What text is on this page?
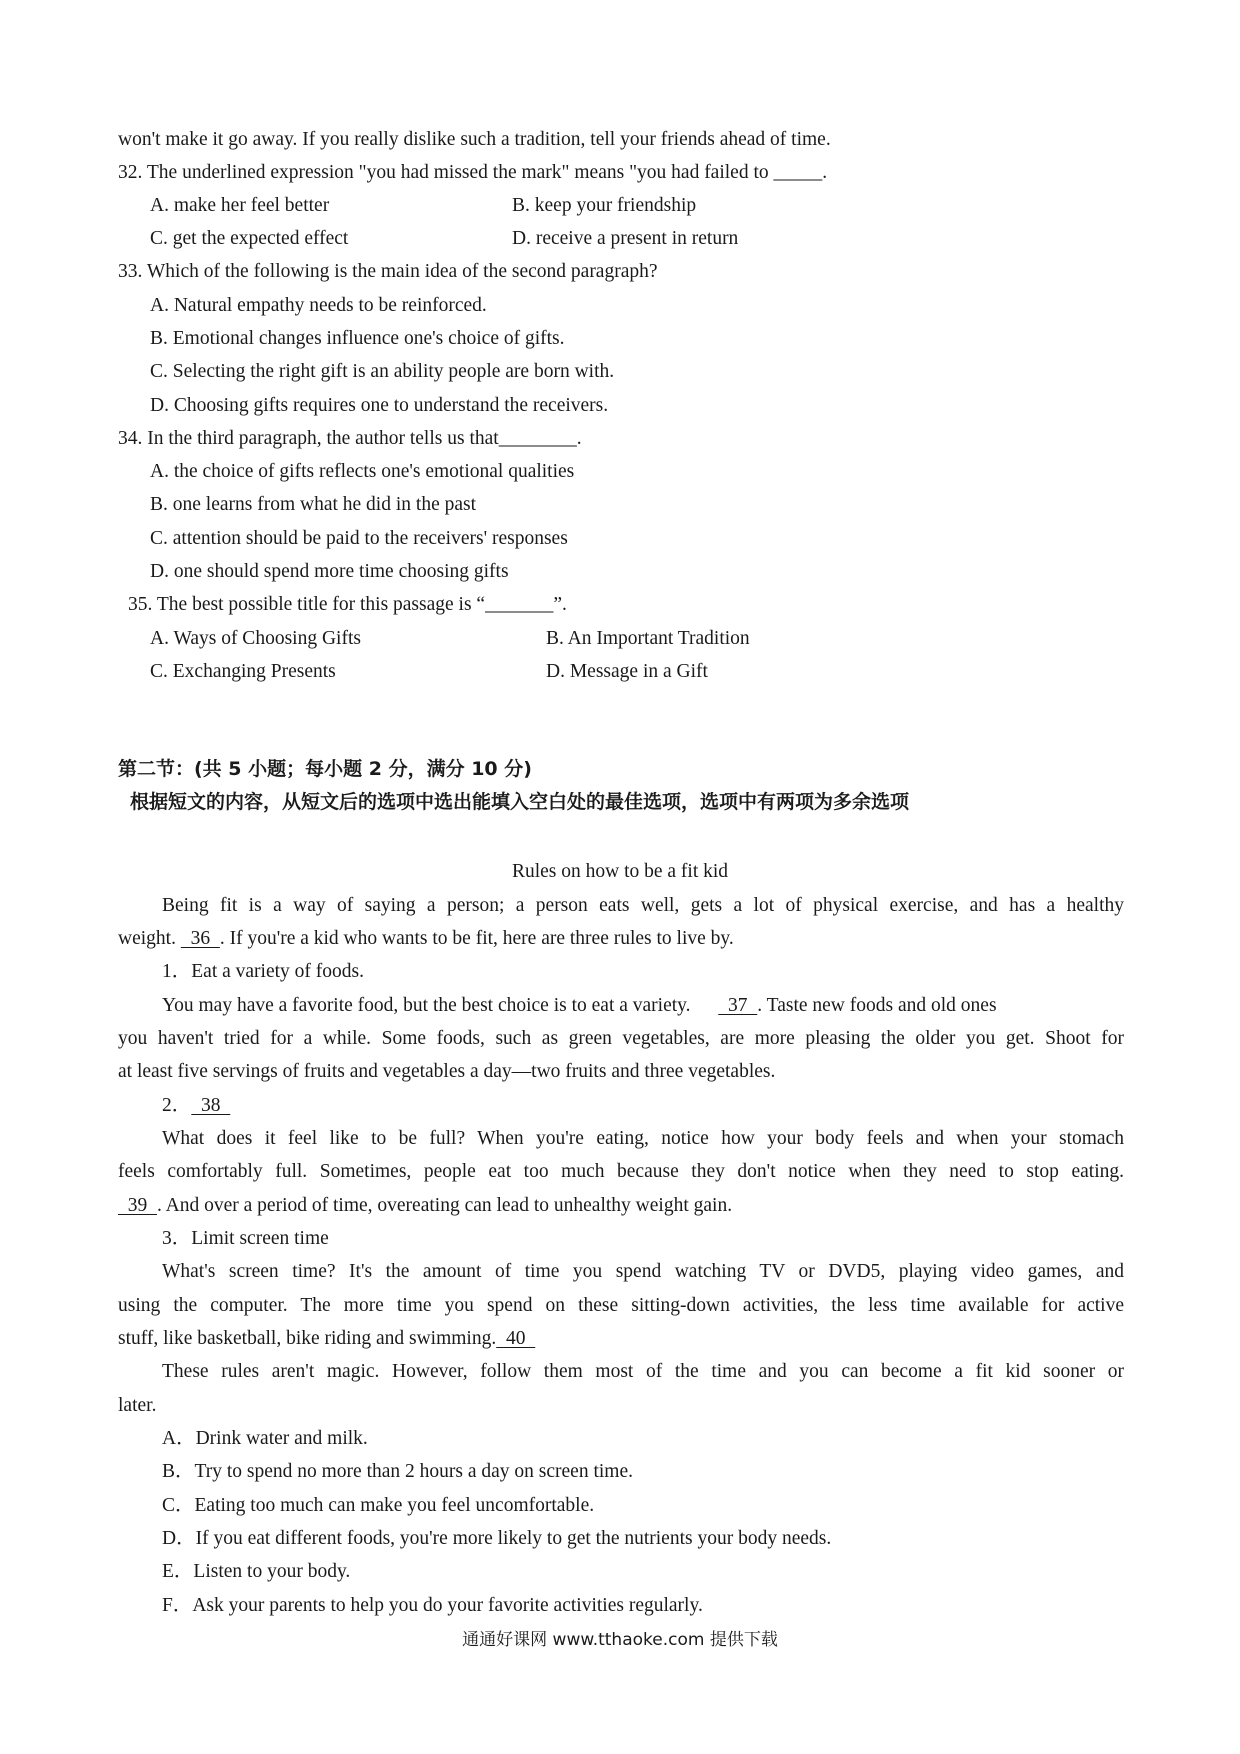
won't make it go away. If you really dislike such a tradition, tell your friends ahead of time.
32. The underlined expression "you had missed the mark" means "you had failed to _____.
A. make her feel better	B. keep your friendship
C. get the expected effect	D. receive a present in return
33. Which of the following is the main idea of the second paragraph?
A. Natural empathy needs to be reinforced.
B. Emotional changes influence one's choice of gifts.
C. Selecting the right gift is an ability people are born with.
D. Choosing gifts requires one to understand the receivers.
34. In the third paragraph, the author tells us that________.
A. the choice of gifts reflects one's emotional qualities
B. one learns from what he did in the past
C. attention should be paid to the receivers' responses
D. one should spend more time choosing gifts
35. The best possible title for this passage is “_______”.
A. Ways of Choosing Gifts	B. An Important Tradition
C. Exchanging Presents	D. Message in a Gift
第二节：(共 5 小题；每小题 2 分，满分 10 分)
根据短文的内容，从短文后的选项中选出能填入空白处的最佳选项，选项中有两项为多余选项
Rules on how to be a fit kid
Being fit is a way of saying a person; a person eats well, gets a lot of physical exercise, and has a healthy
weight.   36  . If you're a kid who wants to be fit, here are three rules to live by.
1．Eat a variety of foods.
You may have a favorite food, but the best choice is to eat a variety.    37  . Taste new foods and old ones
you haven't tried for a while. Some foods, such as green vegetables, are more pleasing the older you get. Shoot for
at least five servings of fruits and vegetables a day—two fruits and three vegetables.
2．  38
What does it feel like to be full? When you're eating, notice how your body feels and when your stomach
feels comfortably full. Sometimes, people eat too much because they don't notice when they need to stop eating.
39  . And over a period of time, overeating can lead to unhealthy weight gain.
3．Limit screen time
What's screen time? It's the amount of time you spend watching TV or DVD5, playing video games, and
using the computer. The more time you spend on these sitting-down activities, the less time available for active
stuff, like basketball, bike riding and swimming.  40
These rules aren't magic. However, follow them most of the time and you can become a fit kid sooner or
later.
A．Drink water and milk.
B．Try to spend no more than 2 hours a day on screen time.
C．Eating too much can make you feel uncomfortable.
D．If you eat different foods, you're more likely to get the nutrients your body needs.
E．Listen to your body.
F．Ask your parents to help you do your favorite activities regularly.
通通好课网 www.tthaoke.com 提供下载
